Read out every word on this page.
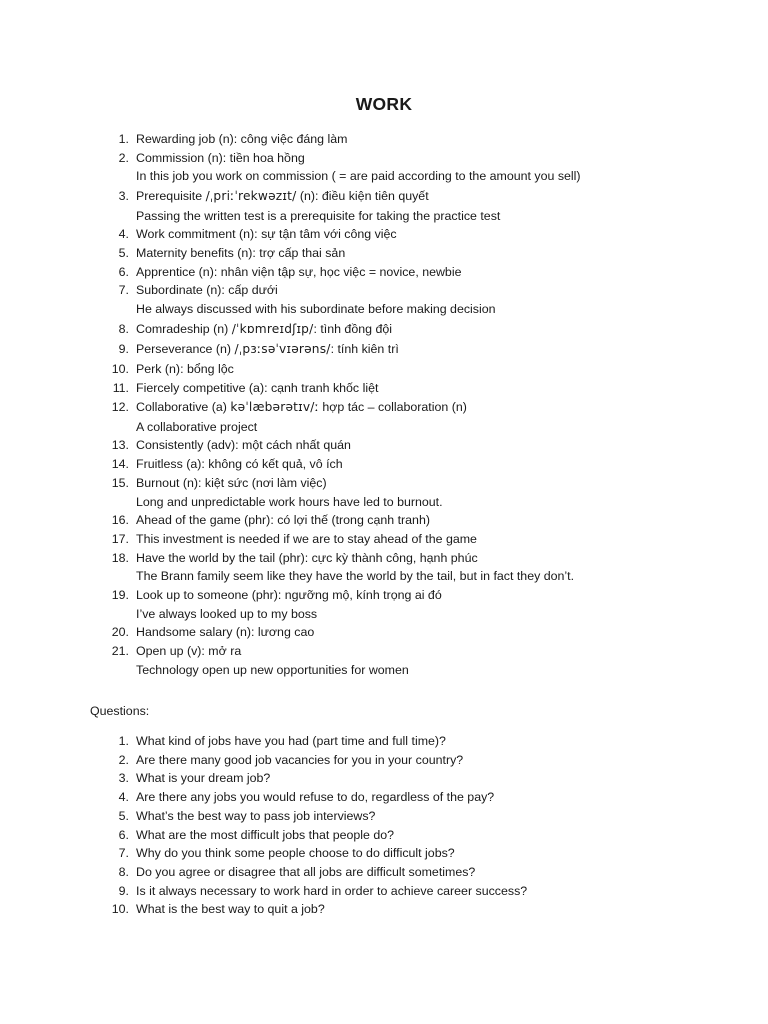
WORK
1. Rewarding job (n): công việc đáng làm
2. Commission (n): tiền hoa hồng
In this job you work on commission ( = are paid according to the amount you sell)
3. Prerequisite /ˌpriːˈrekwəzɪt/ (n): điều kiện tiên quyết
Passing the written test is a prerequisite for taking the practice test
4. Work commitment (n): sự tận tâm với công việc
5. Maternity benefits (n): trợ cấp thai sản
6. Apprentice (n): nhân viện tập sự, học việc = novice, newbie
7. Subordinate (n): cấp dưới
He always discussed with his subordinate before making decision
8. Comradeship (n) /ˈkɒmreɪdʃɪp/: tình đồng đội
9. Perseverance (n) /ˌpɜːsəˈvɪərəns/: tính kiên trì
10. Perk (n): bổng lộc
11. Fiercely competitive (a): cạnh tranh khốc liệt
12. Collaborative (a) kəˈlæbərətɪv/ː hợp tác – collaboration (n)
A collaborative project
13. Consistently (adv): một cách nhất quán
14. Fruitless (a): không có kết quả, vô ích
15. Burnout (n): kiệt sức (nơi làm việc)
Long and unpredictable work hours have led to burnout.
16. Ahead of the game (phr): có lợi thế (trong cạnh tranh)
17. This investment is needed if we are to stay ahead of the game
18. Have the world by the tail (phr): cực kỳ thành công, hạnh phúc
The Brann family seem like they have the world by the tail, but in fact they don’t.
19. Look up to someone (phr): ngưỡng mộ, kính trọng ai đó
I’ve always looked up to my boss
20. Handsome salary (n): lương cao
21. Open up (v): mở ra
Technology open up new opportunities for women

Questions:

1. What kind of jobs have you had (part time and full time)?
2. Are there many good job vacancies for you in your country?
3. What is your dream job?
4. Are there any jobs you would refuse to do, regardless of the pay?
5. What’s the best way to pass job interviews?
6. What are the most difficult jobs that people do?
7. Why do you think some people choose to do difficult jobs?
8. Do you agree or disagree that all jobs are difficult sometimes?
9. Is it always necessary to work hard in order to achieve career success?
10. What is the best way to quit a job?
